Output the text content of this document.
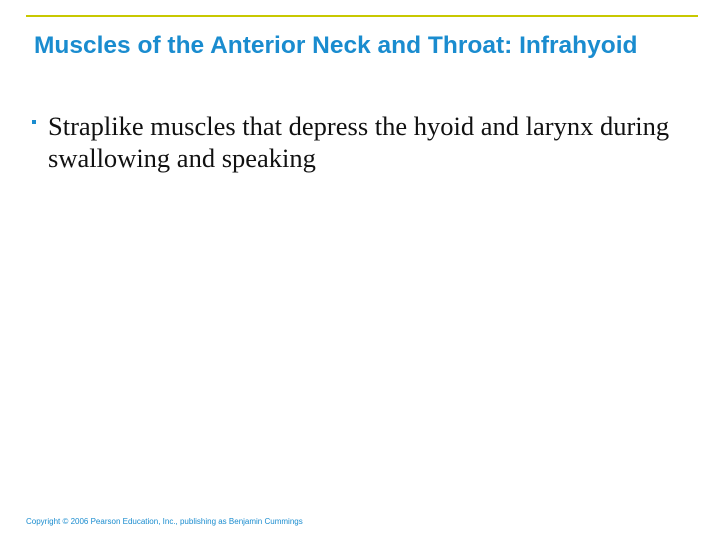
Muscles of the Anterior Neck and Throat: Infrahyoid
Straplike muscles that depress the hyoid and larynx during swallowing and speaking

Copyright © 2006 Pearson Education, Inc., publishing as Benjamin Cummings
